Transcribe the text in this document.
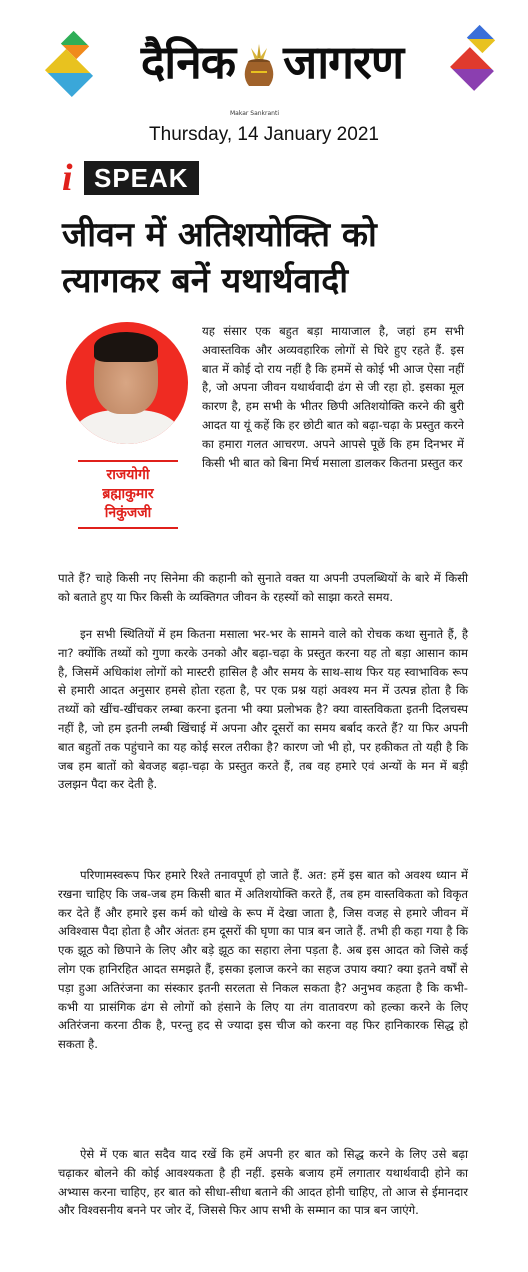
दैनिक जागरण
Makar Sankranti
Thursday, 14 January 2021
i SPEAK
जीवन में अतिशयोक्ति को त्यागकर बनें यथार्थवादी
राजयोगी
ब्रह्माकुमार
निकुंजजी

यह संसार एक बहुत बड़ा मायाजाल है, जहां हम सभी अवास्तविक और अव्यवहारिक लोगों से घिरे हुए रहते हैं. इस बात में कोई दो राय नहीं है कि हममें से कोई भी आज ऐसा नहीं है, जो अपना जीवन यथार्थवादी ढंग से जी रहा हो. इसका मूल कारण है, हम सभी के भीतर छिपी अतिशयोक्ति करने की बुरी आदत या यूं कहें कि हर छोटी बात को बढ़ा-चढ़ा के प्रस्तुत करने का हमारा गलत आचरण. अपने आपसे पूछें कि हम दिनभर में किसी भी बात को बिना मिर्च मसाला डालकर कितना प्रस्तुत कर

पाते हैं? चाहे किसी नए सिनेमा की कहानी को सुनाते वक्त या अपनी उपलब्धियों के बारे में किसी को बताते हुए या फिर किसी के व्यक्तिगत जीवन के रहस्यों को साझा करते समय.

इन सभी स्थितियों में हम कितना मसाला भर-भर के सामने वाले को रोचक कथा सुनाते हैं, है ना? क्योंकि तथ्यों को गुणा करके उनको और बढ़ा-चढ़ा के प्रस्तुत करना यह तो बड़ा आसान काम है, जिसमें अधिकांश लोगों को मास्टरी हासिल है और समय के साथ-साथ फिर यह स्वाभाविक रूप से हमारी आदत अनुसार हमसे होता रहता है, पर एक प्रश्न यहां अवश्य मन में उत्पन्न होता है कि तथ्यों को खींच-खींचकर लम्बा करना इतना भी क्या प्रलोभक है? क्या वास्तविकता इतनी दिलचस्प नहीं है, जो हम इतनी लम्बी खिंचाई में अपना और दूसरों का समय बर्बाद करते हैं? या फिर अपनी बात बहुतों तक पहुंचाने का यह कोई सरल तरीका है? कारण जो भी हो, पर हकीकत तो यही है कि जब हम बातों को बेवजह बढ़ा-चढ़ा के प्रस्तुत करते हैं, तब वह हमारे एवं अन्यों के मन में बड़ी उलझन पैदा कर देती है.

परिणामस्वरूप फिर हमारे रिश्ते तनावपूर्ण हो जाते हैं. अत: हमें इस बात को अवश्य ध्यान में रखना चाहिए कि जब-जब हम किसी बात में अतिशयोक्ति करते हैं, तब हम वास्तविकता को विकृत कर देते हैं और हमारे इस कर्म को धोखे के रूप में देखा जाता है, जिस वजह से हमारे जीवन में अविश्वास पैदा होता है और अंततः हम दूसरों की घृणा का पात्र बन जाते हैं. तभी ही कहा गया है कि एक झूठ को छिपाने के लिए और बड़े झूठ का सहारा लेना पड़ता है. अब इस आदत को जिसे कई लोग एक हानिरहित आदत समझते हैं, इसका इलाज करने का सहज उपाय क्या? क्या इतने वर्षों से पड़ा हुआ अतिरंजना का संस्कार इतनी सरलता से निकल सकता है? अनुभव कहता है कि कभी-कभी या प्रासंगिक ढंग से लोगों को हंसाने के लिए या तंग वातावरण को हल्का करने के लिए अतिरंजना करना ठीक है, परन्तु हद से ज्यादा इस चीज को करना वह फिर हानिकारक सिद्ध हो सकता है.

ऐसे में एक बात सदैव याद रखें कि हमें अपनी हर बात को सिद्ध करने के लिए उसे बढ़ा चढ़ाकर बोलने की कोई आवश्यकता है ही नहीं. इसके बजाय हमें लगातार यथार्थवादी होने का अभ्यास करना चाहिए, हर बात को सीधा-सीधा बताने की आदत होनी चाहिए, तो आज से ईमानदार और विश्वसनीय बनने पर जोर दें, जिससे फिर आप सभी के सम्मान का पात्र बन जाएंगे.
